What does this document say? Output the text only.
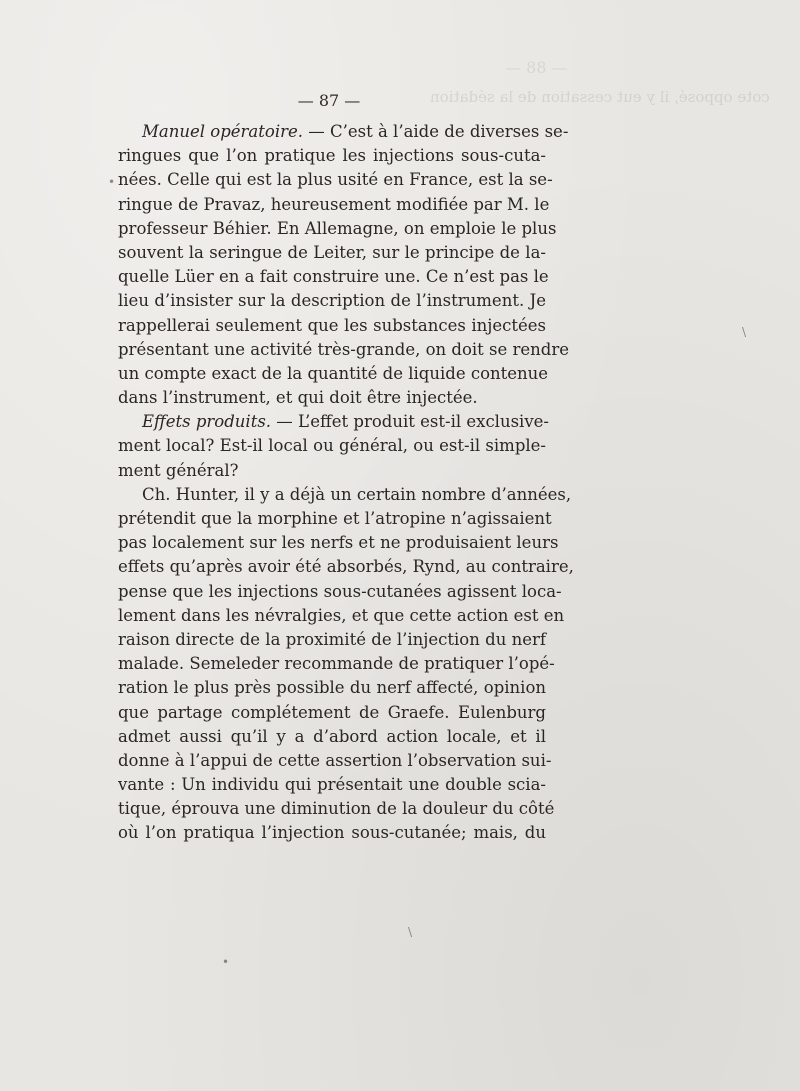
— 88 —
cote opposé, il y eut cessation de la sédation
— 87 —
Manuel opératoire. — C’est à l’aide de diverses se-
ringues que l’on pratique les injections sous-cuta-
nées. Celle qui est la plus usité en France, est la se-
ringue de Pravaz, heureusement modifiée par M. le
professeur Béhier. En Allemagne, on emploie le plus
souvent la seringue de Leiter, sur le principe de la-
quelle Lüer en a fait construire une. Ce n’est pas le
lieu d’insister sur la description de l’instrument. Je
rappellerai seulement que les substances injectées
présentant une activité très-grande, on doit se rendre
un compte exact de la quantité de liquide contenue
dans l’instrument, et qui doit être injectée.
Effets produits. — L’effet produit est-il exclusive-
ment local? Est-il local ou général, ou est-il simple-
ment général?
Ch. Hunter, il y a déjà un certain nombre d’années,
prétendit que la morphine et l’atropine n’agissaient
pas localement sur les nerfs et ne produisaient leurs
effets qu’après avoir été absorbés, Rynd, au contraire,
pense que les injections sous-cutanées agissent loca-
lement dans les névralgies, et que cette action est en
raison directe de la proximité de l’injection du nerf
malade. Semeleder recommande de pratiquer l’opé-
ration le plus près possible du nerf affecté, opinion
que partage complétement de Graefe. Eulenburg
admet aussi qu’il y a d’abord action locale, et il
donne à l’appui de cette assertion l’observation sui-
vante : Un individu qui présentait une double scia-
tique, éprouva une diminution de la douleur du côté
où l’on pratiqua l’injection sous-cutanée; mais, du
•
\
•
\
